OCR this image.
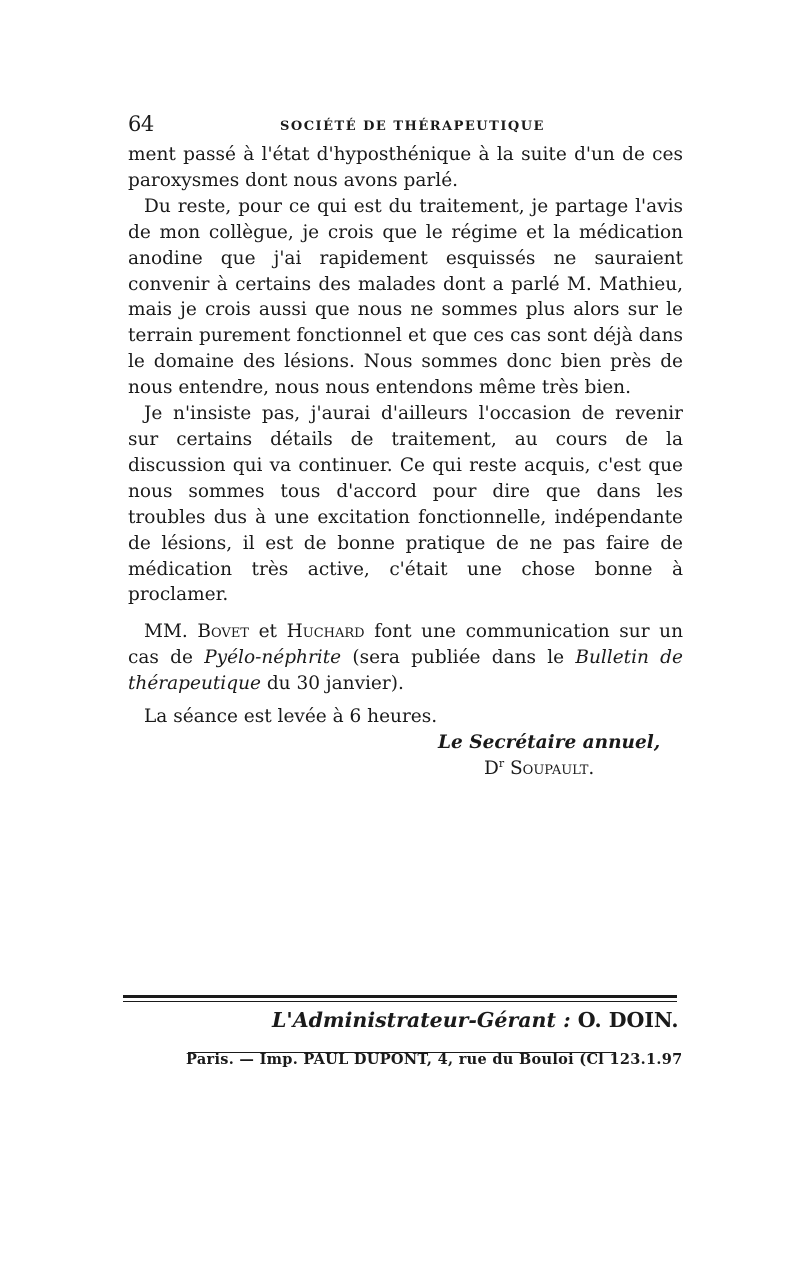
64	SOCIÉTÉ DE THÉRAPEUTIQUE

ment passé à l'état d'hyposthénique à la suite d'un de ces paroxysmes dont nous avons parlé.

Du reste, pour ce qui est du traitement, je partage l'avis de mon collègue, je crois que le régime et la médication anodine que j'ai rapidement esquissés ne sauraient convenir à certains des malades dont a parlé M. Mathieu, mais je crois aussi que nous ne sommes plus alors sur le terrain purement fonctionnel et que ces cas sont déjà dans le domaine des lésions. Nous sommes donc bien près de nous entendre, nous nous entendons même très bien.

Je n'insiste pas, j'aurai d'ailleurs l'occasion de revenir sur certains détails de traitement, au cours de la discussion qui va continuer. Ce qui reste acquis, c'est que nous sommes tous d'accord pour dire que dans les troubles dus à une excitation fonctionnelle, indépendante de lésions, il est de bonne pratique de ne pas faire de médication très active, c'était une chose bonne à proclamer.

MM. Bovet et Huchard font une communication sur un cas de Pyélo-néphrite (sera publiée dans le Bulletin de thérapeutique du 30 janvier).

La séance est levée à 6 heures.

Le Secrétaire annuel,
$D^r$ Soupault.
L'Administrateur-Gérant : O. DOIN.
Paris. — Imp. PAUL DUPONT, 4, rue du Bouloi (Cl 123.1.97
